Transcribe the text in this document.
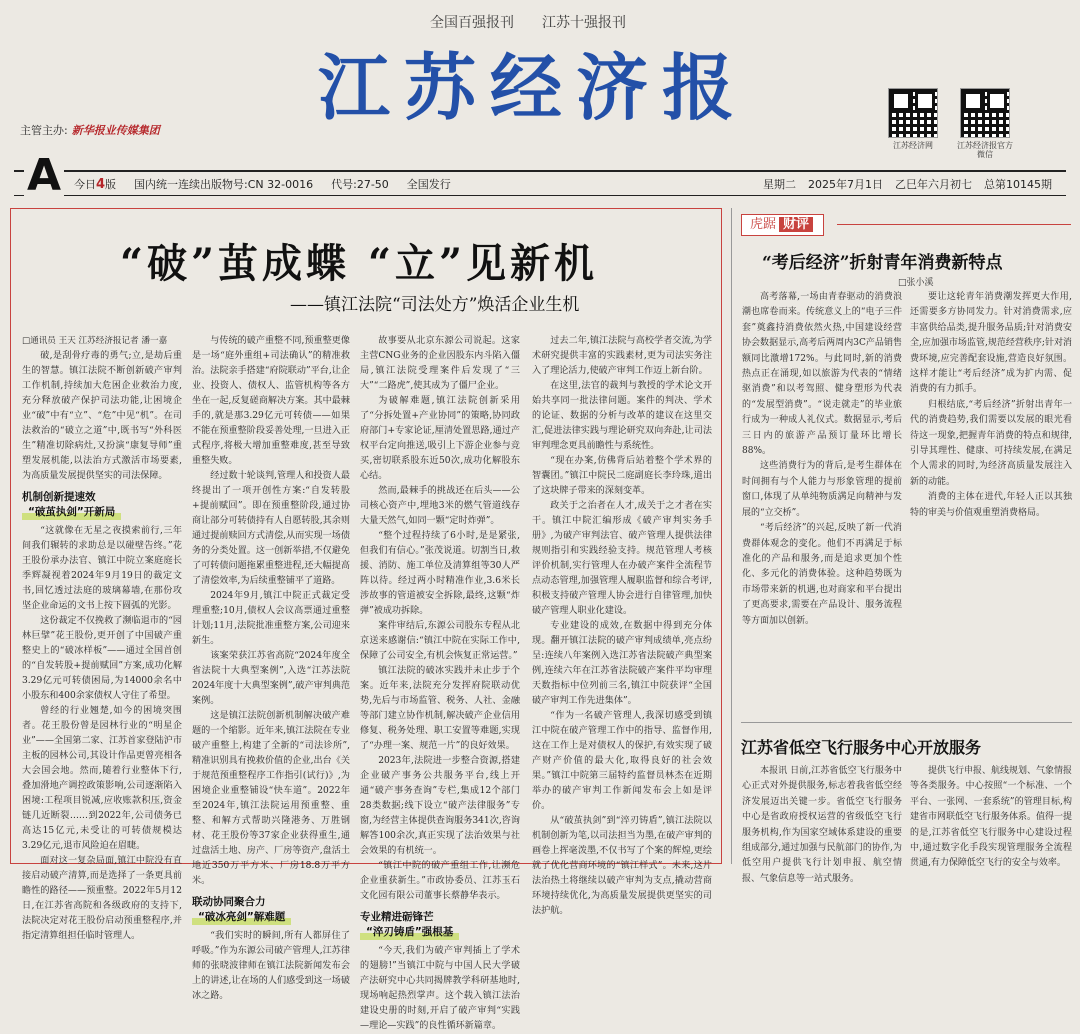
全国百强报刊 江苏十强报刊
江苏经济报
主管主办: 新华报业传媒集团
江苏经济网	江苏经济报官方微信
今日4版 国内统一连续出版物号:CN 32-0016 代号:27-50 全国发行	星期二 2025年7月1日 乙巳年六月初七 总第10145期
A
“破”茧成蝶 “立”见新机
——镇江法院“司法处方”焕活企业生机

□通讯员 王天 江苏经济报记者 潘一嘉

破,是刮骨疗毒的勇气;立,是劫后重生的智慧。镇江法院不断创新破产审判工作机制,持续加大危困企业救治力度,充分释放破产保护司法功能,让困境企业“破”中有“立”、“危”中见“机”。在司法救治的“破立之道”中,既书写“外科医生”精准切除病灶,又扮演“康复导师”重塑发展机能,以法治方式激活市场要素,为高质量发展提供坚实的司法保障。

机制创新提速效
“破茧执剑”开新局

“这就像在无星之夜摸索前行,三年间我们辗转的求助总是以碰壁告终。”花王股份承办法官、镇江中院立案庭庭长季辉凝视着2024年9月19日的裁定文书,回忆透过法庭的玻璃幕墙,在那份攻坚企业命运的文书上按下圆弧的光影。

这份裁定不仅挽救了濒临退市的“园林巨擘”花王股份,更开创了中国破产重整史上的“破冰样板”——通过全国首创的“自发转股+提前赋回”方案,成功化解3.29亿元可转债困局,为14000余名中小股东和400余家债权人守住了希望。

曾经的行业翘楚,如今的困境突围者。花王股份曾是园林行业的“明星企业”——全国第二家、江苏首家登陆沪市主板的园林公司,其设计作品更曾亮相各大会国会地。然而,随着行业整体下行,叠加滑地产调控政策影响,公司逐渐陷入困境:工程项目锐减,应收账款积压,资金链几近断裂……到2022年,公司债务已高达15亿元,未受让的可转债规模达3.29亿元,退市风险迫在眉睫。

面对这一复杂局面,镇江中院没有直接启动破产清算,而是选择了一条更具前瞻性的路径——预重整。2022年5月12日,在江苏省高院和各级政府的支持下,法院决定对花王股份启动预重整程序,并指定清算组担任临时管理人。

与传统的破产重整不同,预重整更像是一场“庭外重组+司法确认”的精准救治。法院亲手搭建“府院联动”平台,让企业、投资人、债权人、监管机构等各方坐在一起,反复磋商解决方案。其中最棘手的,就是那3.29亿元可转债——如果不能在预重整阶段妥善处理,一旦进入正式程序,将极大增加重整难度,甚至导致重整失败。

经过数十轮谈判,管理人和投资人最终提出了一项开创性方案:“自发转股+提前赋回”。即在预重整阶段,通过协商让部分可转债持有人自愿转股,其余则通过提前赎回方式清偿,从而实现一场债务的分类处置。这一创新举措,不仅避免了可转债问题拖累重整进程,还大幅提高了清偿效率,为后续重整铺平了道路。

2024年9月,镇江中院正式裁定受理重整;10月,债权人会议高票通过重整计划;11月,法院批准重整方案,公司迎来新生。

该案荣获江苏省高院“2024年度全省法院十大典型案例”,入选“江苏法院2024年度十大典型案例”,破产审判典范案例。

这是镇江法院创新机制解决破产难题的一个缩影。近年来,镇江法院在专业破产重整上,构建了全新的“司法诊所”,精准识别具有挽救价值的企业,出台《关于规范预重整程序工作指引(试行)》,为困境企业重整铺设“快车道”。2022年至2024年,镇江法院运用预重整、重整、和解方式帮助兴隆港务、万胜钢材、花王股份等37家企业获得重生,通过盘活土地、房产、厂房等资产,盘活土地近350万平方米、厂房18.8万平方米。

联动协同聚合力
“破冰亮剑”解难题

“我们实时的瞬间,所有人都屏住了呼吸。”作为东源公司破产管理人,江苏律师的张晓波律师在镇江法院新闻发布会上的讲述,让在场的人们感受到这一场破冰之路。

故事要从北京东源公司说起。这家主营CNG业务的企业因股东内斗陷入僵局,镇江法院受理案件后发现了“三大”“二路虎”,使其成为了僵尸企业。

为破解难题,镇江法院创新采用了“分拆处置+产业协同”的策略,协同政府部门+专家论证,厘清处置思路,通过产权平台定向推送,吸引上下游企业参与竞买,密切联系股东近50次,成功化解股东心结。

然而,最棘手的挑战还在后头——公司核心资产中,埋地3米的燃气管道线存大量天然气,如同一颗“定时炸弹”。

“整个过程持续了6小时,是是紧张,但我们有信心。”张茂说道。切割当日,救援、消防、施工单位及清算组等30人严阵以待。经过两小时精准作业,3.6米长涉故事的管道被安全拆除,最终,这颗“炸弹”被成功拆除。

案件审结后,东源公司股东专程从北京送来感谢信:“镇江中院在实际工作中,保障了公司安全,有机会恢复正常运营。”

镇江法院的破冰实践并未止步于个案。近年来,法院充分发挥府院联动优势,先后与市场监管、税务、人社、金融等部门建立协作机制,解决破产企业信用修复、税务处理、职工安置等难题,实现了“办理一案、规范一片”的良好效果。

2023年,法院进一步整合资源,搭建企业破产事务公共服务平台,线上开通“破产事务查询”专栏,集成12个部门28类数据;线下设立“破产法律服务”专窗,为经营主体提供查询服务341次,咨询解答100余次,真正实现了法治效果与社会效果的有机统一。

“镇江中院的破产重组工作,让濒危企业重获新生。”市政协委员、江苏玉石文化园有限公司董事长蔡静华表示。

专业精进砺锋芒
“淬刃铸盾”强根基

“今天,我们为破产审判插上了学术的翅膀!”当镇江中院与中国人民大学破产法研究中心共同揭牌教学科研基地时,现场响起热烈掌声。这个载入镇江法治建设史册的时刻,开启了破产审判“实践—理论—实践”的良性循环新篇章。

过去二年,镇江法院与高校学者交流,为学术研究提供丰富的实践素材,更为司法实务注入了理论活力,使破产审判工作迈上新台阶。

在这里,法官的裁判与教授的学术论文开始共享同一批法律问题。案件的判决、学术的论证、数据的分析与改革的建议在这里交汇,促进法律实践与理论研究双向奔赴,让司法审判理念更具前瞻性与系统性。

“现在办案,仿佛背后站着整个学术界的智囊团。”镇江中院民二庭副庭长李玲珠,道出了这块牌子带来的深刻变革。

政关于之治者在人才,成关于之才者在实干。镇江中院汇编形成《破产审判实务手册》,为破产审判法官、破产管理人提供法律规则指引和实践经验支持。规范管理人考核评价机制,实行管理人在办破产案件全流程节点动态管理,加强管理人履职监督和综合考评,积极支持破产管理人协会进行自律管理,加快破产管理人职业化建设。

专业建设的成效,在数据中得到充分体现。翻开镇江法院的破产审判成绩单,亮点纷呈:连续八年案例入选江苏省法院破产典型案例,连续六年在江苏省法院破产案件平均审理天数指标中位列前三名,镇江中院获评“全国破产审判工作先进集体”。

“作为一名破产管理人,我深切感受到镇江中院在破产管理工作中的指导、监督作用,这在工作上是对债权人的保护,有效实现了破产财产价值的最大化,取得良好的社会效果。”镇江中院第三届特约监督员林杰在近期举办的破产审判工作新闻发布会上如是评价。

从“破茧执剑”到“淬刃铸盾”,镇江法院以机制创新为笔,以司法担当为墨,在破产审判的画卷上挥毫泼墨,不仅书写了个案的辉煌,更绘就了优化营商环境的“镇江样式”。未来,这片法治热土将继续以破产审判为支点,撬动营商环境持续优化,为高质量发展提供更坚实的司法护航。

虎踞 财评
“考后经济”折射青年消费新特点
□张小溪

高考落幕,一场由青春驱动的消费浪潮也席卷而来。传统意义上的“电子三件套”奠鑫持消费依然火热,中国建设经营协会数据显示,高考后两周内3C产品销售额同比激增172%。与此同时,新的消费热点正在涌现,如以旅游为代表的“情绪驱消费”和以考驾照、健身塑形为代表的“发展型消费”。“说走就走”的毕业旅行成为一种成人礼仪式。数据显示,考后三日内的旅游产品预订量环比增长88%。

这些消费行为的背后,是考生群体在时间拥有与个人能力与形象管理的提前窗口,体现了从单纯物质满足向精神与发展的“立交桥”。

“考后经济”的兴起,反映了新一代消费群体观念的变化。他们不再满足于标准化的产品和服务,而是追求更加个性化、多元化的消费体验。这种趋势既为市场带来新的机遇,也对商家和平台提出了更高要求,需要在产品设计、服务流程等方面加以创新。

要让这轮青年消费潮发挥更大作用,还需要多方协同发力。针对消费需求,应丰富供给品类,提升服务品质;针对消费安全,应加强市场监管,规范经营秩序;针对消费环境,应完善配套设施,营造良好氛围。这样才能让“考后经济”成为扩内需、促消费的有力抓手。

归根结底,“考后经济”折射出青年一代的消费趋势,我们需要以发展的眼光看待这一现象,把握青年消费的特点和规律,引导其理性、健康、可持续发展,在满足个人需求的同时,为经济高质量发展注入新的动能。

消费的主体在进代,年轻人正以其独特的审美与价值观重塑消费格局。

江苏省低空飞行服务中心开放服务

本报讯 日前,江苏省低空飞行服务中心正式对外提供服务,标志着我省低空经济发展迈出关键一步。省低空飞行服务中心是省政府授权运营的省级低空飞行服务机构,作为国家空域体系建设的重要组成部分,通过加强与民航部门的协作,为低空用户提供飞行计划申报、航空情报、气象信息等一站式服务。

提供飞行申报、航线规划、气象情报等各类服务。中心按照“一个标准、一个平台、一张网、一套系统”的管理目标,构建省市网联低空飞行服务体系。值得一提的是,江苏省低空飞行服务中心建设过程中,通过数字化手段实现管理服务全流程贯通,有力保障低空飞行的安全与效率。
